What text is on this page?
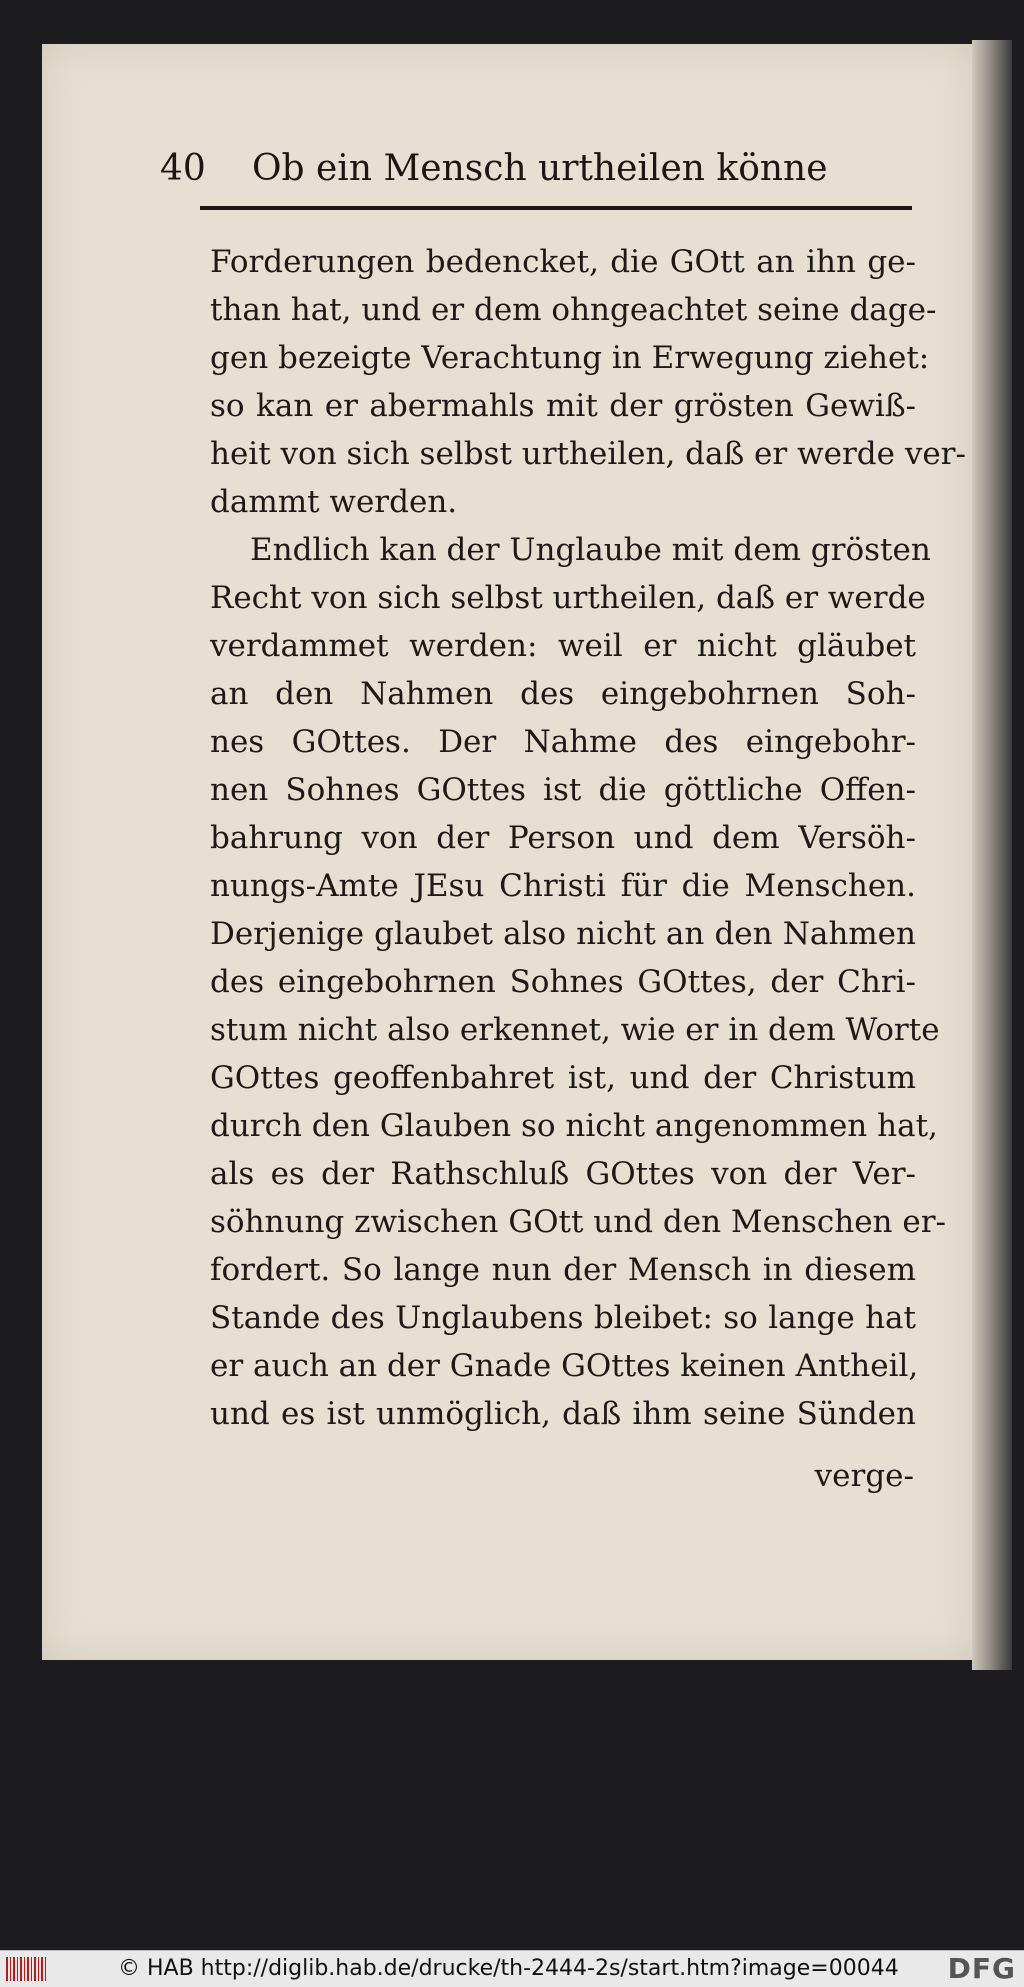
40 Ob ein Mensch urtheilen könne
Forderungen bedencket, die GOtt an ihn ge-
than hat, und er dem ohngeachtet seine dage-
gen bezeigte Verachtung in Erwegung ziehet:
so kan er abermahls mit der grösten Gewiß-
heit von sich selbst urtheilen, daß er werde ver-
dammt werden.
Endlich kan der Unglaube mit dem grösten
Recht von sich selbst urtheilen, daß er werde
verdammet werden: weil er nicht gläubet
an den Nahmen des eingebohrnen Soh-
nes GOttes. Der Nahme des eingebohr-
nen Sohnes GOttes ist die göttliche Offen-
bahrung von der Person und dem Versöh-
nungs-Amte JEsu Christi für die Menschen.
Derjenige glaubet also nicht an den Nahmen
des eingebohrnen Sohnes GOttes, der Chri-
stum nicht also erkennet, wie er in dem Worte
GOttes geoffenbahret ist, und der Christum
durch den Glauben so nicht angenommen hat,
als es der Rathschluß GOttes von der Ver-
söhnung zwischen GOtt und den Menschen er-
fordert. So lange nun der Mensch in diesem
Stande des Unglaubens bleibet: so lange hat
er auch an der Gnade GOttes keinen Antheil,
und es ist unmöglich, daß ihm seine Sünden
verge-
© HAB http://diglib.hab.de/drucke/th-2444-2s/start.htm?image=00044 DFG
